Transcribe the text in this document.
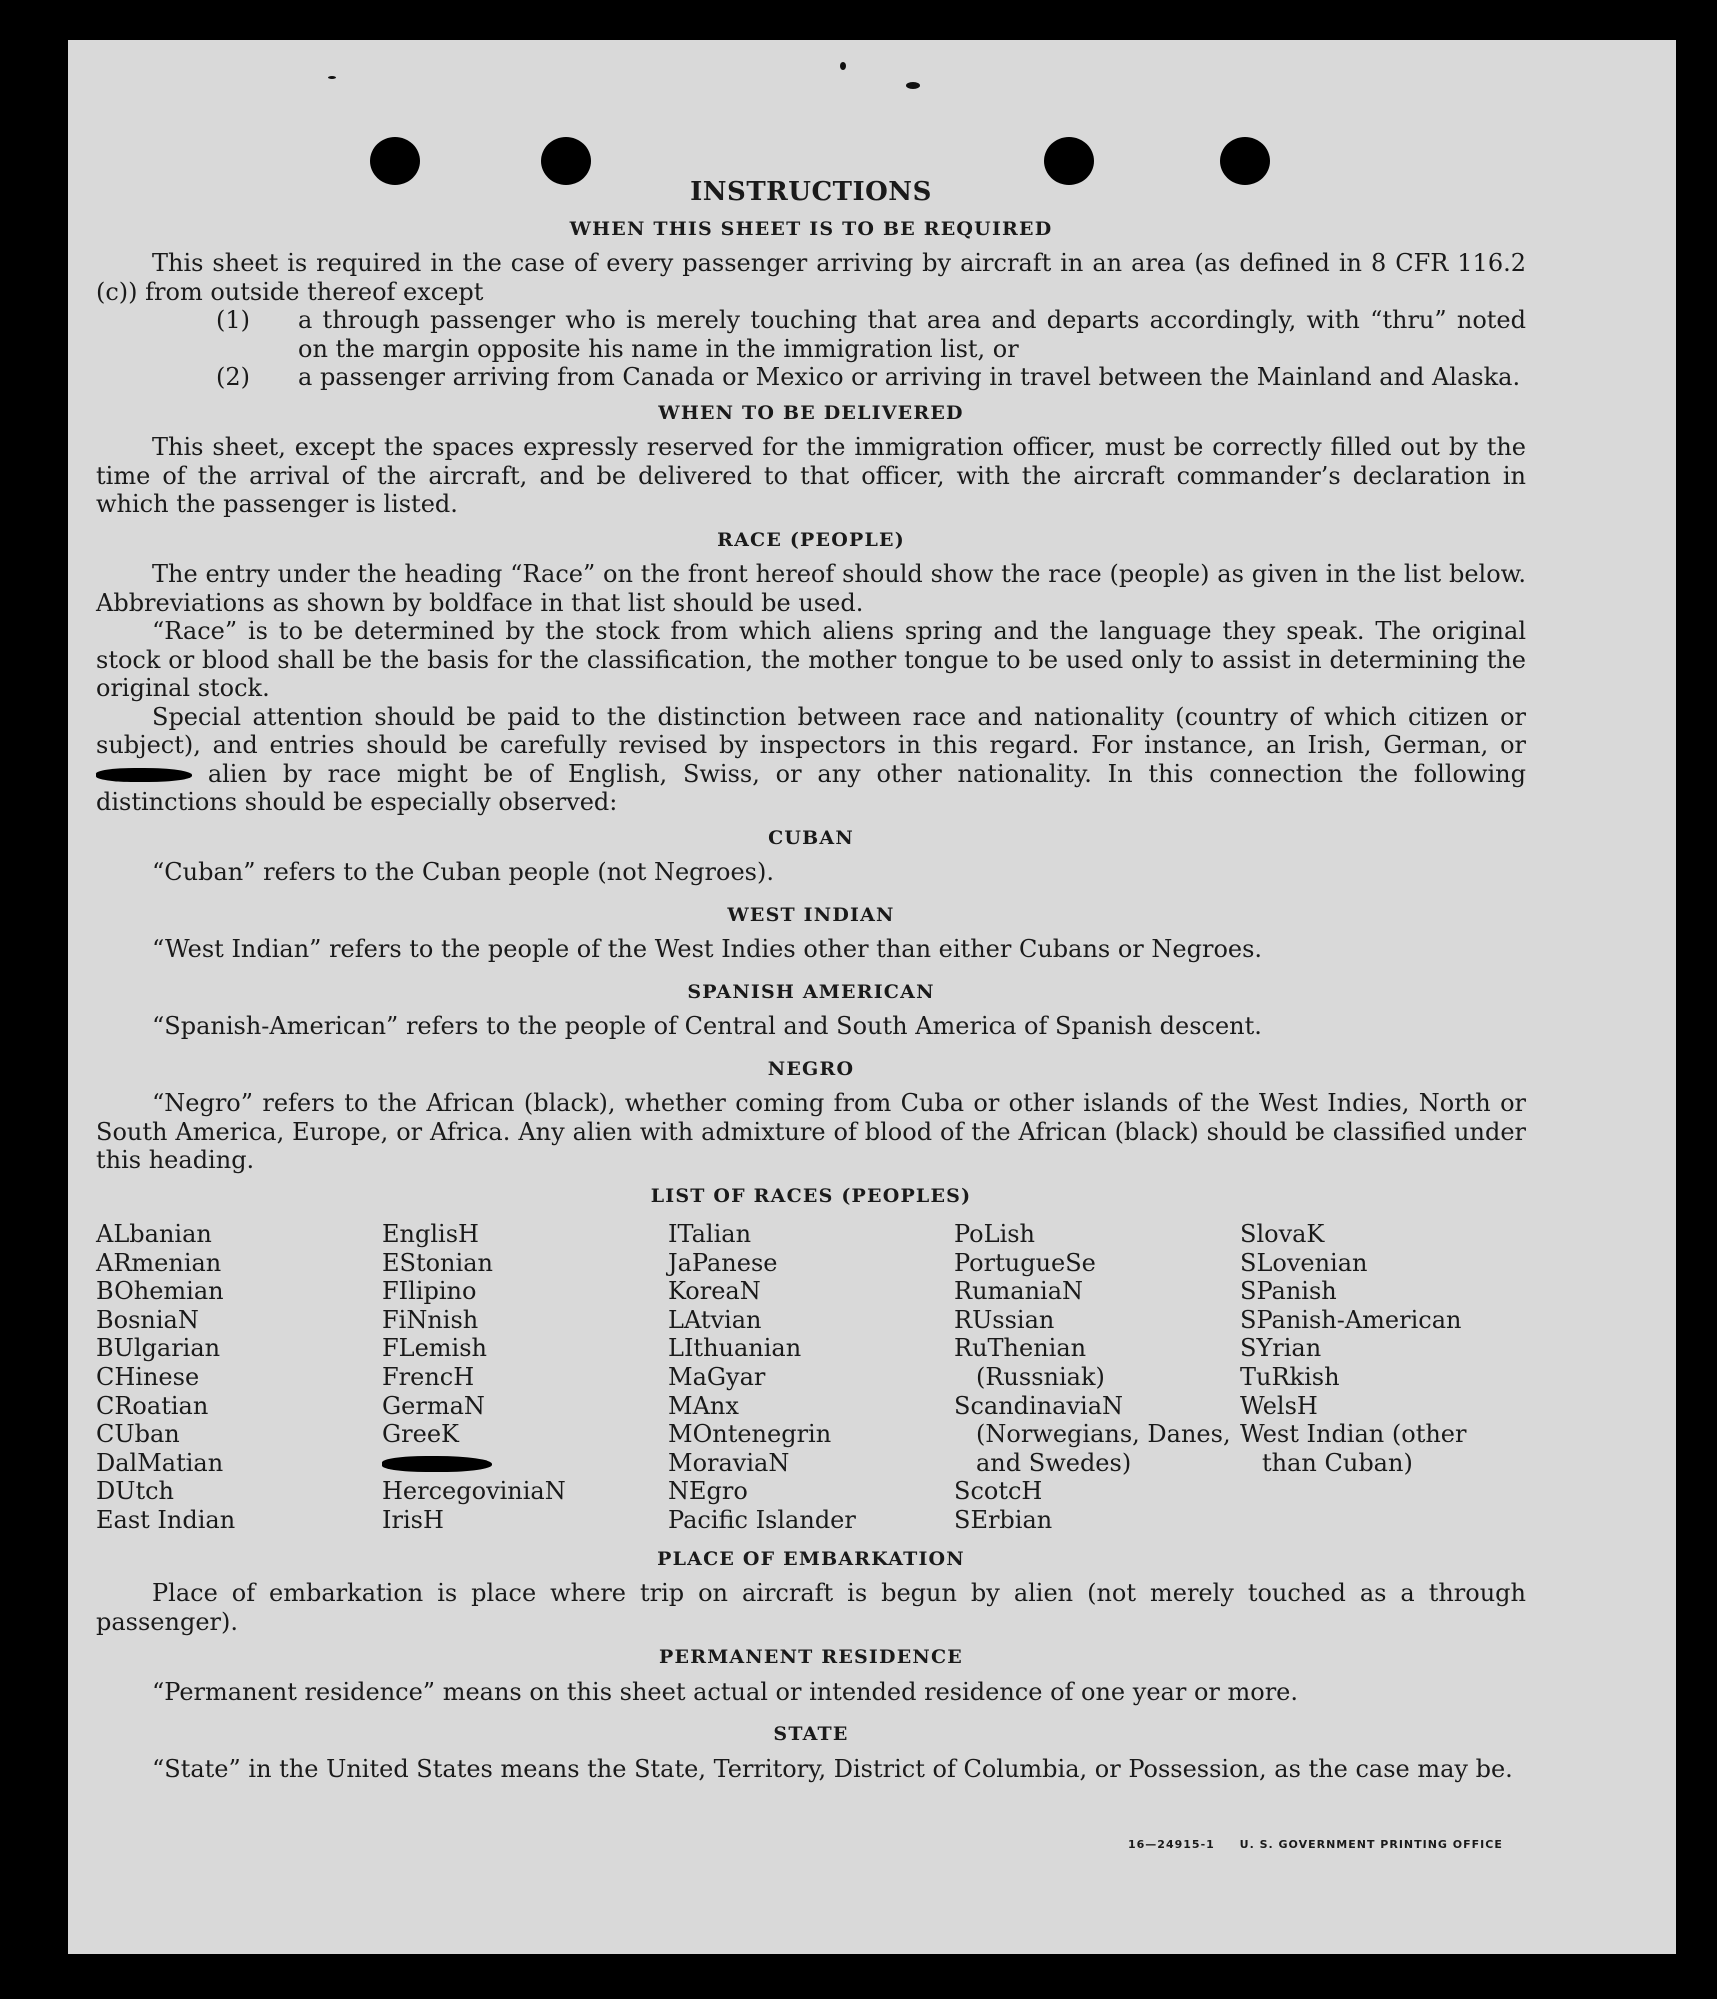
INSTRUCTIONS
WHEN THIS SHEET IS TO BE REQUIRED

This sheet is required in the case of every passenger arriving by aircraft in an area (as defined in 8 CFR 116.2 (c)) from outside thereof except

(1) a through passenger who is merely touching that area and departs accordingly, with “thru” noted on the margin opposite his name in the immigration list, or
(2) a passenger arriving from Canada or Mexico or arriving in travel between the Mainland and Alaska.
WHEN TO BE DELIVERED

This sheet, except the spaces expressly reserved for the immigration officer, must be correctly filled out by the time of the arrival of the aircraft, and be delivered to that officer, with the aircraft commander’s declaration in which the passenger is listed.

RACE (PEOPLE)

The entry under the heading “Race” on the front hereof should show the race (people) as given in the list below. Abbreviations as shown by boldface in that list should be used.

“Race” is to be determined by the stock from which aliens spring and the language they speak. The original stock or blood shall be the basis for the classification, the mother tongue to be used only to assist in determining the original stock.

Special attention should be paid to the distinction between race and nationality (country of which citizen or subject), and entries should be carefully revised by inspectors in this regard. For instance, an Irish, German, or  alien by race might be of English, Swiss, or any other nationality. In this connection the following distinctions should be especially observed:

CUBAN

“Cuban” refers to the Cuban people (not Negroes).

WEST INDIAN

“West Indian” refers to the people of the West Indies other than either Cubans or Negroes.

SPANISH AMERICAN

“Spanish-American” refers to the people of Central and South America of Spanish descent.

NEGRO

“Negro” refers to the African (black), whether coming from Cuba or other islands of the West Indies, North or South America, Europe, or Africa. Any alien with admixture of blood of the African (black) should be classified under this heading.

LIST OF RACES (PEOPLES)
ALbanian
ARmenian
BOhemian
BosniaN
BUlgarian
CHinese
CRoatian
CUban
DalMatian
DUtch
East Indian
EnglisH
EStonian
FIlipino
FiNnish
FLemish
FrencH
GermaN
GreeK
HercegoviniaN
IrisH
ITalian
JaPanese
KoreaN
LAtvian
LIthuanian
MaGyar
MAnx
MOntenegrin
MoraviaN
NEgro
Pacific Islander
PoLish
PortugueSe
RumaniaN
RUssian
RuThenian (Russniak)
ScandinaviaN (Norwegians, Danes, and Swedes)
ScotcH
SErbian
SlovaK
SLovenian
SPanish
SPanish-American
SYrian
TuRkish
WelsH
West Indian (other than Cuban)
PLACE OF EMBARKATION

Place of embarkation is place where trip on aircraft is begun by alien (not merely touched as a through passenger).

PERMANENT RESIDENCE

“Permanent residence” means on this sheet actual or intended residence of one year or more.

STATE

“State” in the United States means the State, Territory, District of Columbia, or Possession, as the case may be.

16—24915-1 U. S. GOVERNMENT PRINTING OFFICE
